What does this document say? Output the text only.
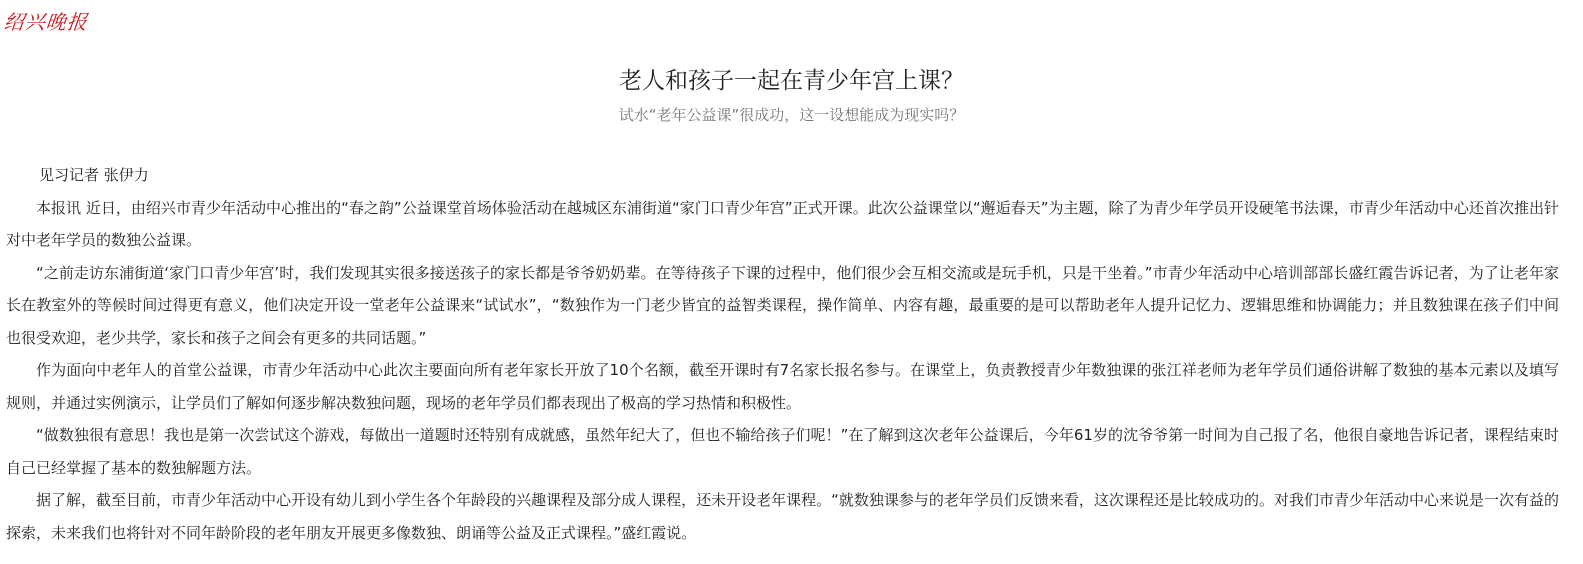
绍兴晚报
老人和孩子一起在青少年宫上课？
试水“老年公益课”很成功，这一设想能成为现实吗？

见习记者 张伊力

本报讯 近日，由绍兴市青少年活动中心推出的“春之韵”公益课堂首场体验活动在越城区东浦街道“家门口青少年宫”正式开课。此次公益课堂以“邂逅春天”为主题，除了为青少年学员开设硬笔书法课，市青少年活动中心还首次推出针对中老年学员的数独公益课。

“之前走访东浦街道‘家门口青少年宫’时，我们发现其实很多接送孩子的家长都是爷爷奶奶辈。在等待孩子下课的过程中，他们很少会互相交流或是玩手机，只是干坐着。”市青少年活动中心培训部部长盛红霞告诉记者，为了让老年家长在教室外的等候时间过得更有意义，他们决定开设一堂老年公益课来“试试水”，“数独作为一门老少皆宜的益智类课程，操作简单、内容有趣，最重要的是可以帮助老年人提升记忆力、逻辑思维和协调能力；并且数独课在孩子们中间也很受欢迎，老少共学，家长和孩子之间会有更多的共同话题。”

作为面向中老年人的首堂公益课，市青少年活动中心此次主要面向所有老年家长开放了10个名额，截至开课时有7名家长报名参与。在课堂上，负责教授青少年数独课的张江祥老师为老年学员们通俗讲解了数独的基本元素以及填写规则，并通过实例演示，让学员们了解如何逐步解决数独问题，现场的老年学员们都表现出了极高的学习热情和积极性。

“做数独很有意思！我也是第一次尝试这个游戏，每做出一道题时还特别有成就感，虽然年纪大了，但也不输给孩子们呢！”在了解到这次老年公益课后，今年61岁的沈爷爷第一时间为自己报了名，他很自豪地告诉记者，课程结束时自己已经掌握了基本的数独解题方法。

据了解，截至目前，市青少年活动中心开设有幼儿到小学生各个年龄段的兴趣课程及部分成人课程，还未开设老年课程。“就数独课参与的老年学员们反馈来看，这次课程还是比较成功的。对我们市青少年活动中心来说是一次有益的探索，未来我们也将针对不同年龄阶段的老年朋友开展更多像数独、朗诵等公益及正式课程。”盛红霞说。
